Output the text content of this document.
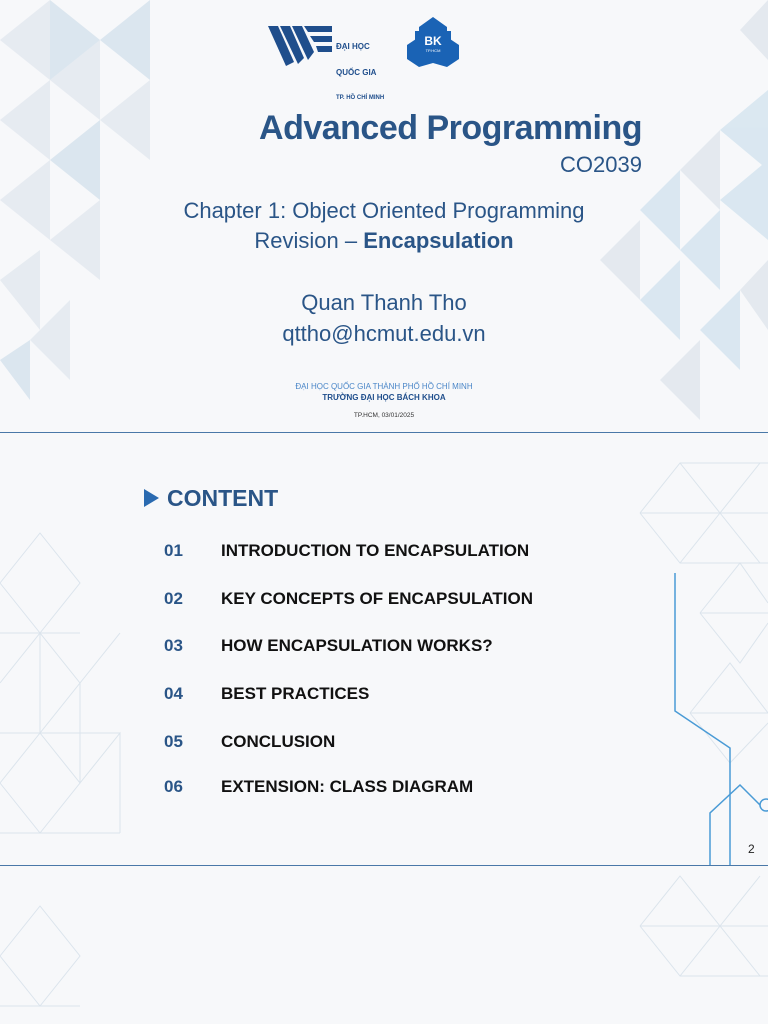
ĐẠI HỌC

QUỐC GIA

TP. HỒ CHÍ MINH

BK
TP.HCM
Advanced Programming
CO2039
Chapter 1: Object Oriented Programming
Revision – Encapsulation
Quan Thanh Tho
qttho@hcmut.edu.vn
ĐẠI HỌC QUỐC GIA THÀNH PHỐ HỒ CHÍ MINH
TRƯỜNG ĐẠI HỌC BÁCH KHOA
TP.HCM, 03/01/2025
CONTENT
01 INTRODUCTION TO ENCAPSULATION
02 KEY CONCEPTS OF ENCAPSULATION
03 HOW ENCAPSULATION WORKS?
04 BEST PRACTICES
05 CONCLUSION
06 EXTENSION: CLASS DIAGRAM
2
